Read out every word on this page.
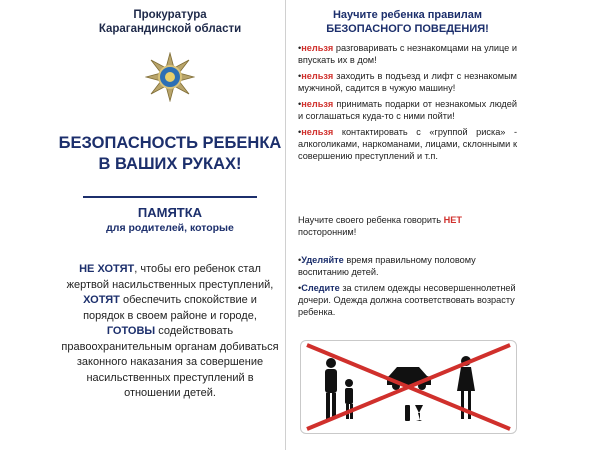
Прокуратура
Карагандинской области
БЕЗОПАСНОСТЬ РЕБЕНКА
В ВАШИХ РУКАХ!
ПАМЯТКА
для родителей, которые
НЕ ХОТЯТ, чтобы его ребенок стал жертвой насильственных преступлений,
ХОТЯТ обеспечить спокойствие и порядок в своем районе и городе,
ГОТОВЫ содействовать правоохранительным органам добиваться законного наказания за совершение насильственных преступлений в отношении детей.
Научите ребенка правилам
БЕЗОПАСНОГО ПОВЕДЕНИЯ!

•нельзя разговаривать с незнакомцами на улице и впускать их в дом!

•нельзя заходить в подъезд и лифт с незнакомым мужчиной, садится в чужую машину!

•нельзя принимать подарки от незнакомых людей и соглашаться куда-то с ними пойти!

•нельзя контактировать с «группой риска» - алкоголиками, наркоманами, лицами, склонными к совершению преступлений и т.п.

Научите своего ребенка говорить НЕТ посторонним!
•Уделяйте время правильному половому воспитанию детей.
•Следите за стилем одежды несовершеннолетней дочери. Одежда должна соответствовать возрасту ребенка.
